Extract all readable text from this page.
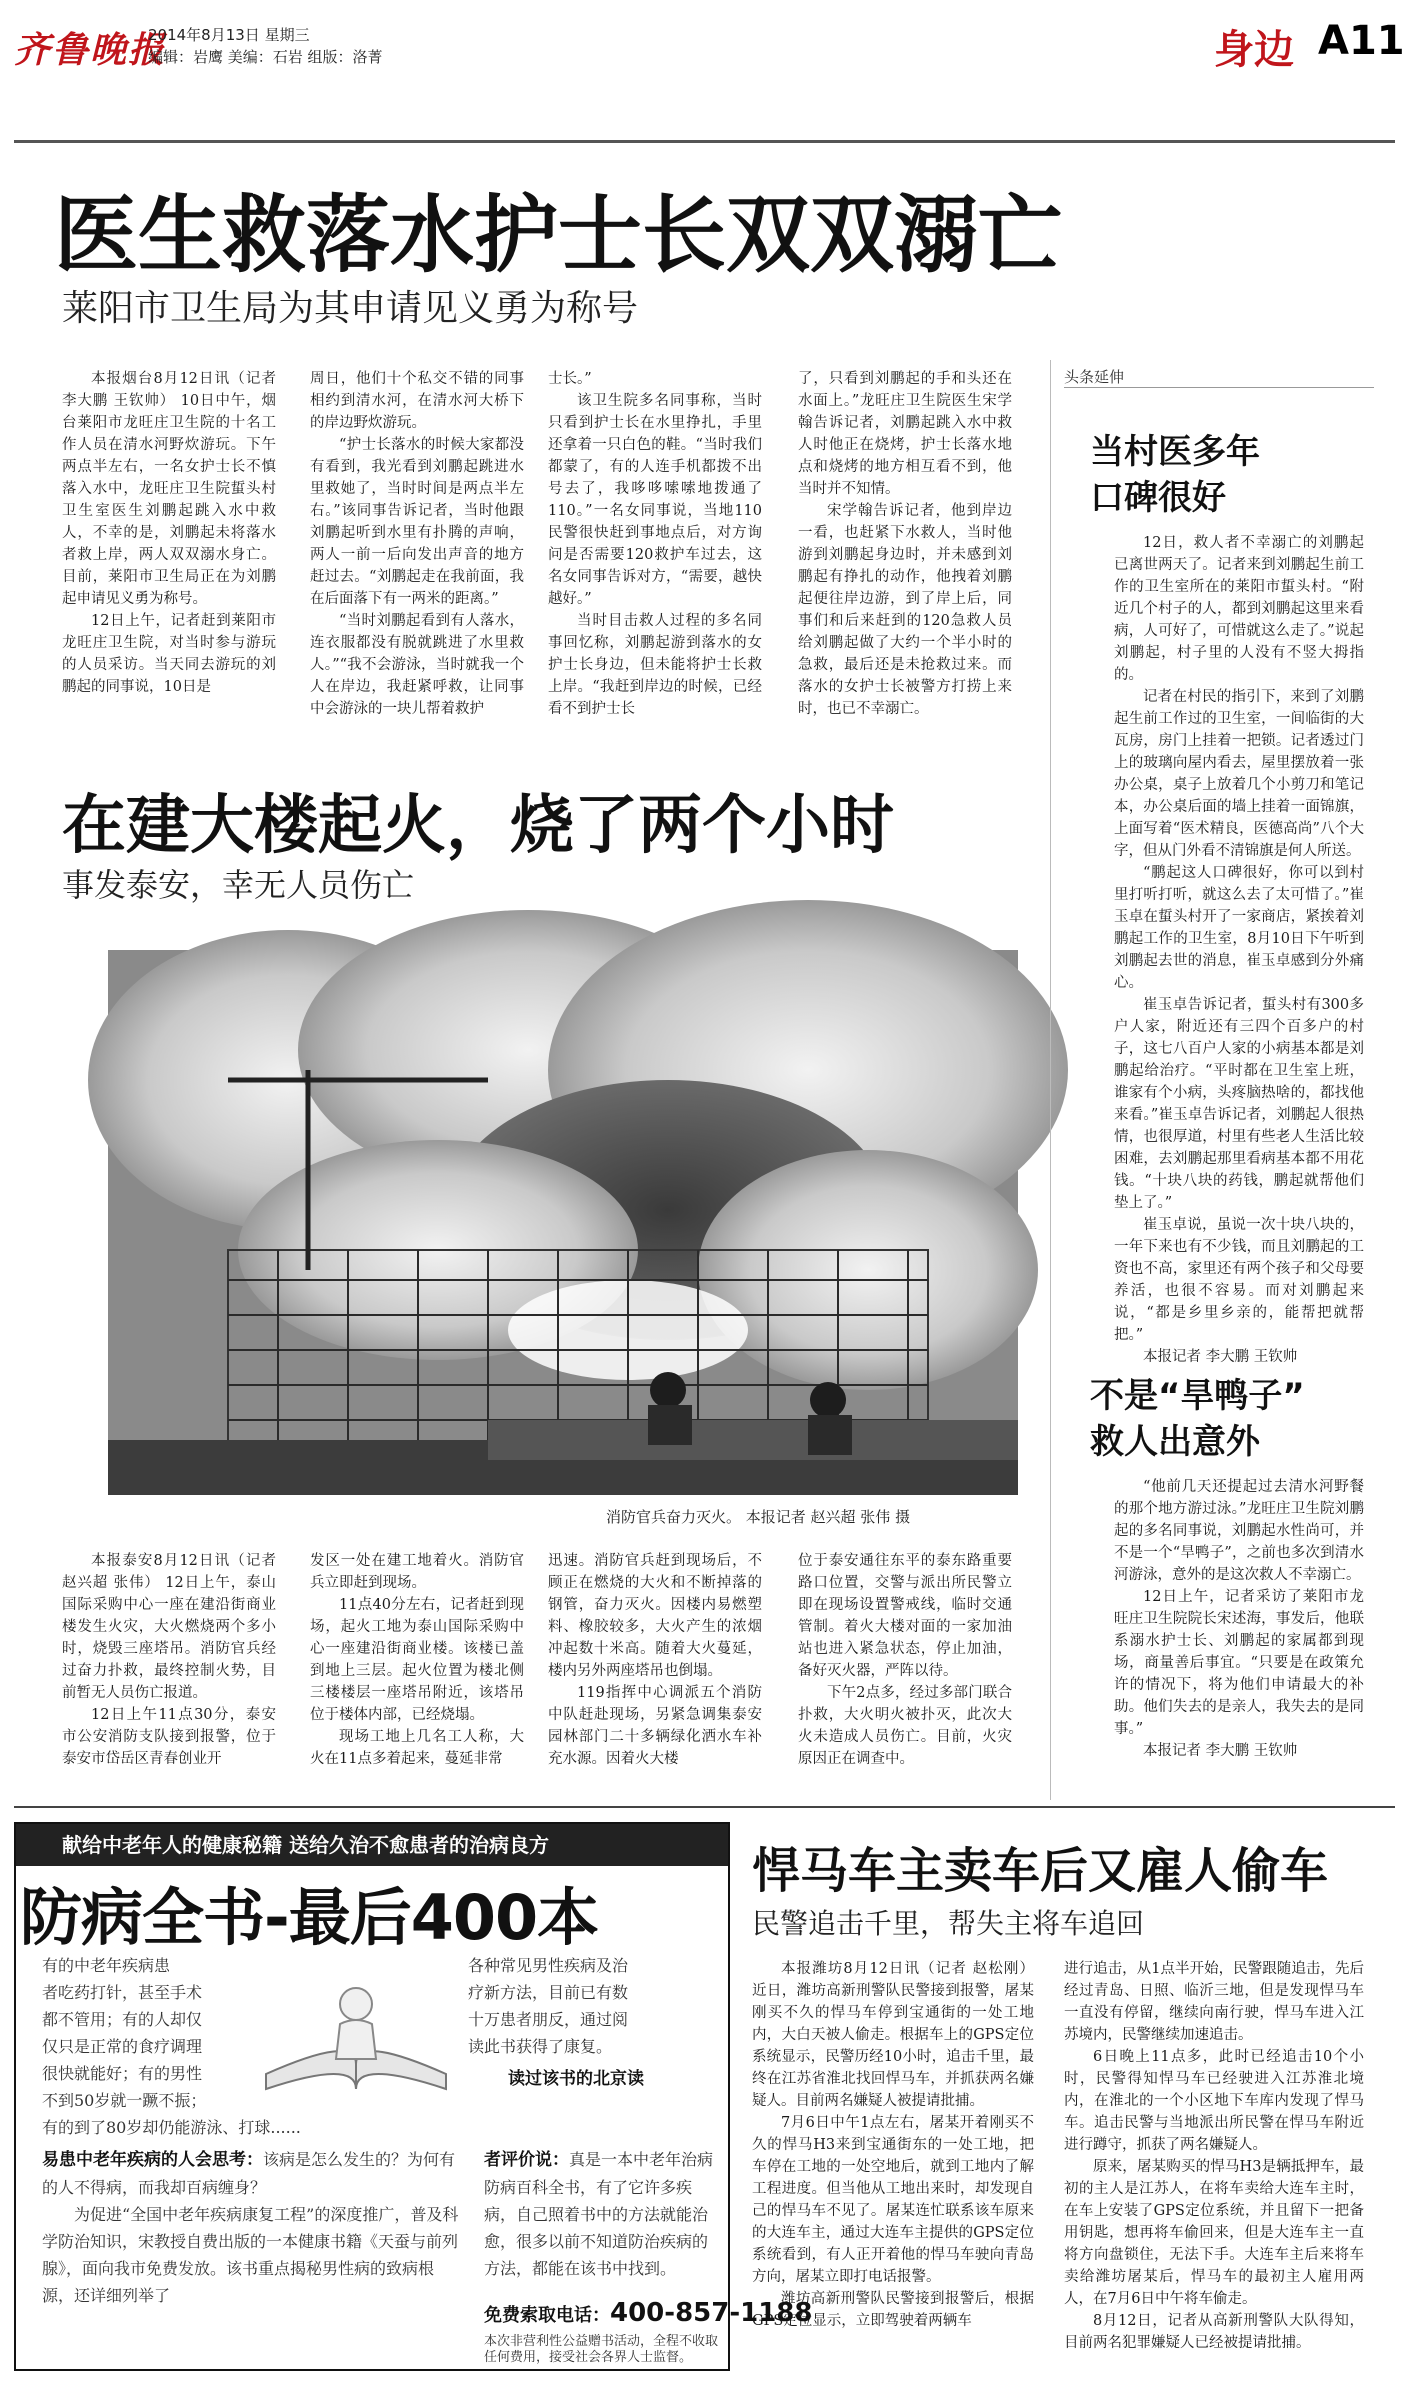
齐鲁晚报
2014年8月13日 星期三
编辑：岩鹰 美编：石岩 组版：洛菁	身边 A11
医生救落水护士长双双溺亡
莱阳市卫生局为其申请见义勇为称号

本报烟台8月12日讯（记者 李大鹏 王钦帅） 10日中午，烟台莱阳市龙旺庄卫生院的十名工作人员在清水河野炊游玩。下午两点半左右，一名女护士长不慎落入水中，龙旺庄卫生院蜇头村卫生室医生刘鹏起跳入水中救人，不幸的是，刘鹏起未将落水者救上岸，两人双双溺水身亡。目前，莱阳市卫生局正在为刘鹏起申请见义勇为称号。

12日上午，记者赶到莱阳市龙旺庄卫生院，对当时参与游玩的人员采访。当天同去游玩的刘鹏起的同事说，10日是

周日，他们十个私交不错的同事相约到清水河，在清水河大桥下的岸边野炊游玩。

“护士长落水的时候大家都没有看到，我光看到刘鹏起跳进水里救她了，当时时间是两点半左右。”该同事告诉记者，当时他跟刘鹏起听到水里有扑腾的声响，两人一前一后向发出声音的地方赶过去。“刘鹏起走在我前面，我在后面落下有一两米的距离。”

“当时刘鹏起看到有人落水，连衣服都没有脱就跳进了水里救人。”“我不会游泳，当时就我一个人在岸边，我赶紧呼救，让同事中会游泳的一块儿帮着救护

士长。”

该卫生院多名同事称，当时只看到护士长在水里挣扎，手里还拿着一只白色的鞋。“当时我们都蒙了，有的人连手机都拨不出号去了，我哆哆嗦嗦地拨通了110。”一名女同事说，当地110民警很快赶到事地点后，对方询问是否需要120救护车过去，这名女同事告诉对方，“需要，越快越好。”

当时目击救人过程的多名同事回忆称，刘鹏起游到落水的女护士长身边，但未能将护士长救上岸。“我赶到岸边的时候，已经看不到护士长

了，只看到刘鹏起的手和头还在水面上。”龙旺庄卫生院医生宋学翰告诉记者，刘鹏起跳入水中救人时他正在烧烤，护士长落水地点和烧烤的地方相互看不到，他当时并不知情。

宋学翰告诉记者，他到岸边一看，也赶紧下水救人，当时他游到刘鹏起身边时，并未感到刘鹏起有挣扎的动作，他拽着刘鹏起便往岸边游，到了岸上后，同事们和后来赶到的120急救人员给刘鹏起做了大约一个半小时的急救，最后还是未抢救过来。而落水的女护士长被警方打捞上来时，也已不幸溺亡。

在建大楼起火，烧了两个小时
事发泰安，幸无人员伤亡
消防官兵奋力灭火。 本报记者 赵兴超 张伟 摄

本报泰安8月12日讯（记者 赵兴超 张伟） 12日上午，泰山国际采购中心一座在建沿街商业楼发生火灾，大火燃烧两个多小时，烧毁三座塔吊。消防官兵经过奋力扑救，最终控制火势，目前暂无人员伤亡报道。

12日上午11点30分，泰安市公安消防支队接到报警，位于泰安市岱岳区青春创业开

发区一处在建工地着火。消防官兵立即赶到现场。

11点40分左右，记者赶到现场，起火工地为泰山国际采购中心一座建沿街商业楼。该楼已盖到地上三层。起火位置为楼北侧三楼楼层一座塔吊附近，该塔吊位于楼体内部，已经烧塌。

现场工地上几名工人称，大火在11点多着起来，蔓延非常

迅速。消防官兵赶到现场后，不顾正在燃烧的大火和不断掉落的钢管，奋力灭火。因楼内易燃塑料、橡胶较多，大火产生的浓烟冲起数十米高。随着大火蔓延，楼内另外两座塔吊也倒塌。

119指挥中心调派五个消防中队赶赴现场，另紧急调集泰安园林部门二十多辆绿化洒水车补充水源。因着火大楼

位于泰安通往东平的泰东路重要路口位置，交警与派出所民警立即在现场设置警戒线，临时交通管制。着火大楼对面的一家加油站也进入紧急状态，停止加油，备好灭火器，严阵以待。

下午2点多，经过多部门联合扑救，大火明火被扑灭，此次大火未造成人员伤亡。目前，火灾原因正在调查中。

头条延伸
当村医多年
口碑很好

12日，救人者不幸溺亡的刘鹏起已离世两天了。记者来到刘鹏起生前工作的卫生室所在的莱阳市蜇头村。“附近几个村子的人，都到刘鹏起这里来看病，人可好了，可惜就这么走了。”说起刘鹏起，村子里的人没有不竖大拇指的。

记者在村民的指引下，来到了刘鹏起生前工作过的卫生室，一间临街的大瓦房，房门上挂着一把锁。记者透过门上的玻璃向屋内看去，屋里摆放着一张办公桌，桌子上放着几个小剪刀和笔记本，办公桌后面的墙上挂着一面锦旗，上面写着“医术精良，医德高尚”八个大字，但从门外看不清锦旗是何人所送。

“鹏起这人口碑很好，你可以到村里打听打听，就这么去了太可惜了。”崔玉卓在蜇头村开了一家商店，紧挨着刘鹏起工作的卫生室，8月10日下午听到刘鹏起去世的消息，崔玉卓感到分外痛心。

崔玉卓告诉记者，蜇头村有300多户人家，附近还有三四个百多户的村子，这七八百户人家的小病基本都是刘鹏起给治疗。“平时都在卫生室上班，谁家有个小病，头疼脑热啥的，都找他来看。”崔玉卓告诉记者，刘鹏起人很热情，也很厚道，村里有些老人生活比较困难，去刘鹏起那里看病基本都不用花钱。“十块八块的药钱，鹏起就帮他们垫上了。”

崔玉卓说，虽说一次十块八块的，一年下来也有不少钱，而且刘鹏起的工资也不高，家里还有两个孩子和父母要养活，也很不容易。而对刘鹏起来说，“都是乡里乡亲的，能帮把就帮把。”

本报记者 李大鹏 王钦帅

不是“旱鸭子”
救人出意外

“他前几天还提起过去清水河野餐的那个地方游过泳。”龙旺庄卫生院刘鹏起的多名同事说，刘鹏起水性尚可，并不是一个“旱鸭子”，之前也多次到清水河游泳，意外的是这次救人不幸溺亡。

12日上午，记者采访了莱阳市龙旺庄卫生院院长宋述海，事发后，他联系溺水护士长、刘鹏起的家属都到现场，商量善后事宜。“只要是在政策允许的情况下，将为他们申请最大的补助。他们失去的是亲人，我失去的是同事。”

本报记者 李大鹏 王钦帅

悍马车主卖车后又雇人偷车
民警追击千里，帮失主将车追回

本报潍坊8月12日讯（记者 赵松刚） 近日，潍坊高新刑警队民警接到报警，屠某刚买不久的悍马车停到宝通街的一处工地内，大白天被人偷走。根据车上的GPS定位系统显示，民警历经10小时，追击千里，最终在江苏省淮北找回悍马车，并抓获两名嫌疑人。目前两名嫌疑人被提请批捕。

7月6日中午1点左右，屠某开着刚买不久的悍马H3来到宝通街东的一处工地，把车停在工地的一处空地后，就到工地内了解工程进度。但当他从工地出来时，却发现自己的悍马车不见了。屠某连忙联系该车原来的大连车主，通过大连车主提供的GPS定位系统看到，有人正开着他的悍马车驶向青岛方向，屠某立即打电话报警。

潍坊高新刑警队民警接到报警后，根据GPS定位显示，立即驾驶着两辆车

进行追击，从1点半开始，民警跟随追击，先后经过青岛、日照、临沂三地，但是发现悍马车一直没有停留，继续向南行驶，悍马车进入江苏境内，民警继续加速追击。

6日晚上11点多，此时已经追击10个小时，民警得知悍马车已经驶进入江苏淮北境内，在淮北的一个小区地下车库内发现了悍马车。追击民警与当地派出所民警在悍马车附近进行蹲守，抓获了两名嫌疑人。

原来，屠某购买的悍马H3是辆抵押车，最初的主人是江苏人，在将车卖给大连车主时，在车上安装了GPS定位系统，并且留下一把备用钥匙，想再将车偷回来，但是大连车主一直将方向盘锁住，无法下手。大连车主后来将车卖给潍坊屠某后，悍马车的最初主人雇用两人，在7月6日中午将车偷走。

8月12日，记者从高新刑警队大队得知，目前两名犯罪嫌疑人已经被提请批捕。

献给中老年人的健康秘籍 送给久治不愈患者的治病良方
防病全书-最后400本
有的中老年疾病患
者吃药打针，甚至手术
都不管用；有的人却仅
仅只是正常的食疗调理
很快就能好；有的男性
不到50岁就一蹶不振；
有的到了80岁却仍能游泳、打球......
各种常见男性疾病及治
疗新方法，目前已有数
十万患者朋反，通过阅
读此书获得了康复。
读过该书的北京读
易患中老年疾病的人会思考：该病是怎么发生的？为何有的人不得病，而我却百病缠身？
为促进“全国中老年疾病康复工程”的深度推广，普及科学防治知识，宋教授自费出版的一本健康书籍《天蚕与前列腺》，面向我市免费发放。该书重点揭秘男性病的致病根源，还详细列举了
者评价说：真是一本中老年治病防病百科全书，有了它许多疾病，自己照着书中的方法就能治愈，很多以前不知道防治疾病的方法，都能在该书中找到。
免费索取电话：400-857-1188
本次非营利性公益赠书活动，全程不收取任何费用，接受社会各界人士监督。
